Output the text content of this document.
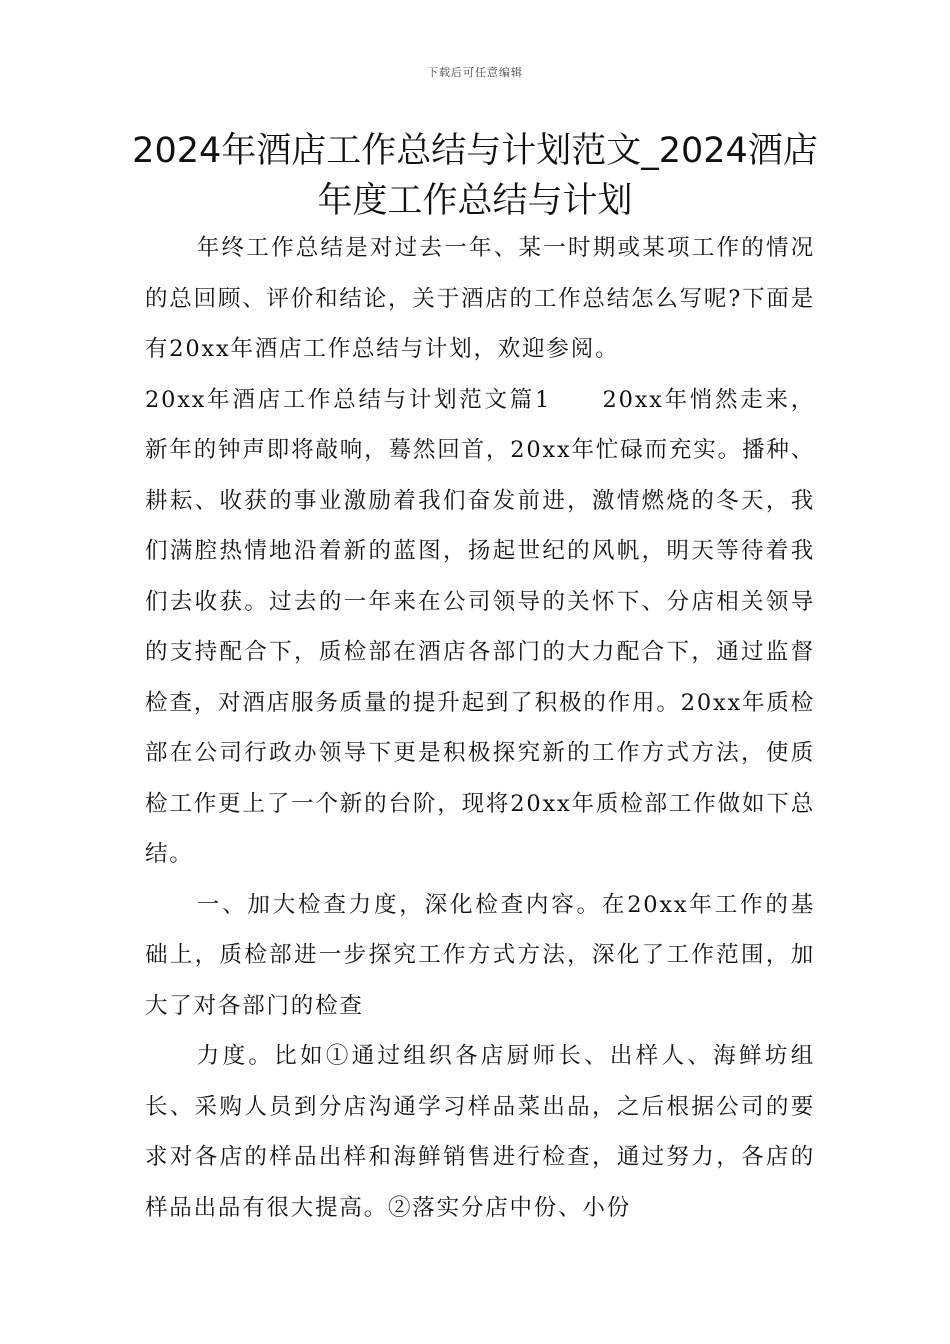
下载后可任意编辑
2024年酒店工作总结与计划范文_2024酒店年度工作总结与计划

年终工作总结是对过去一年、某一时期或某项工作的情况的总回顾、评价和结论，关于酒店的工作总结怎么写呢?下面是有20xx年酒店工作总结与计划，欢迎参阅。

20xx年酒店工作总结与计划范文篇1　　20xx年悄然走来，新年的钟声即将敲响，蓦然回首，20xx年忙碌而充实。播种、耕耘、收获的事业激励着我们奋发前进，激情燃烧的冬天，我们满腔热情地沿着新的蓝图，扬起世纪的风帆，明天等待着我们去收获。过去的一年来在公司领导的关怀下、分店相关领导的支持配合下，质检部在酒店各部门的大力配合下，通过监督检查，对酒店服务质量的提升起到了积极的作用。20xx年质检部在公司行政办领导下更是积极探究新的工作方式方法，使质检工作更上了一个新的台阶，现将20xx年质检部工作做如下总结。

一、加大检查力度，深化检查内容。在20xx年工作的基础上，质检部进一步探究工作方式方法，深化了工作范围，加大了对各部门的检查

力度。比如①通过组织各店厨师长、出样人、海鲜坊组长、采购人员到分店沟通学习样品菜出品，之后根据公司的要求对各店的样品出样和海鲜销售进行检查，通过努力，各店的样品出品有很大提高。②落实分店中份、小份
